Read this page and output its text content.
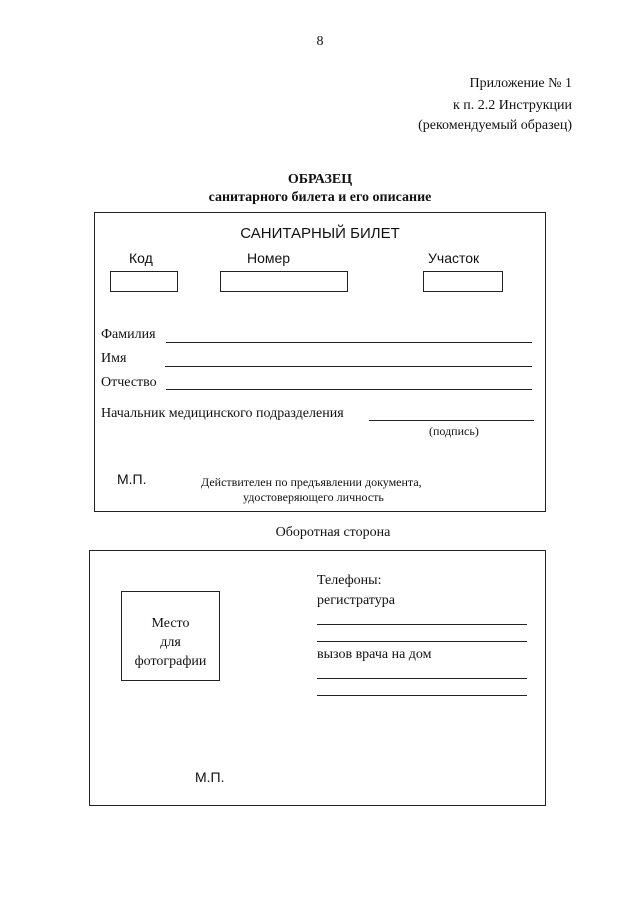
8
Приложение № 1
к п. 2.2 Инструкции
(рекомендуемый образец)
ОБРАЗЕЦ
санитарного билета и его описание
САНИТАРНЫЙ БИЛЕТ
Код	Номер	Участок
Фамилия
Имя
Отчество
Начальник медицинского подразделения
(подпись)
М.П.	Действителен по предъявлении документа,
удостоверяющего личность
Оборотная сторона
Место
для
фотографии
Телефоны:
регистратура
вызов врача на дом
М.П.
